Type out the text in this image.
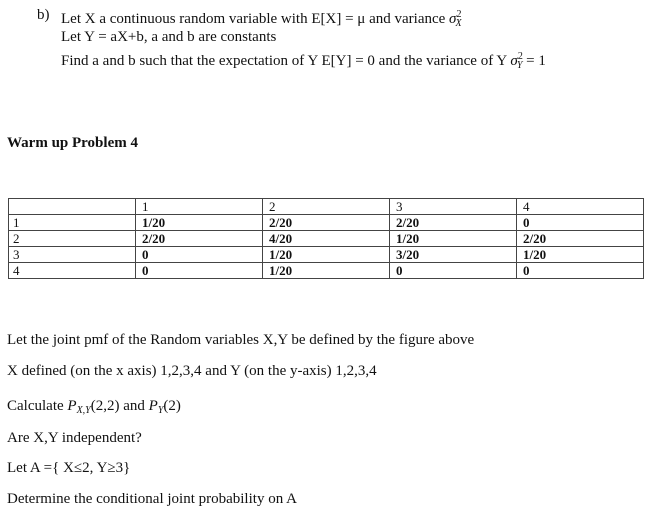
b) Let X a continuous random variable with E[X] = μ and variance $\sigma^2_X$
Let Y = aX+b, a and b are constants
Find a and b such that the expectation of Y E[Y] = 0 and the variance of Y $\sigma^2_Y = 1$
Warm up Problem 4
	1	2	3	4
1	1/20	2/20	2/20	0
2	2/20	4/20	1/20	2/20
3	0	1/20	3/20	1/20
4	0	1/20	0	0
Let the joint pmf of the Random variables X,Y be defined by the figure above
X defined (on the x axis) 1,2,3,4 and Y (on the y-axis) 1,2,3,4
Calculate $P_{X,Y}(2,2)$ and $P_Y(2)$
Are X,Y independent?
Let A ={ X≤2, Y≥3}
Determine the conditional joint probability on A
